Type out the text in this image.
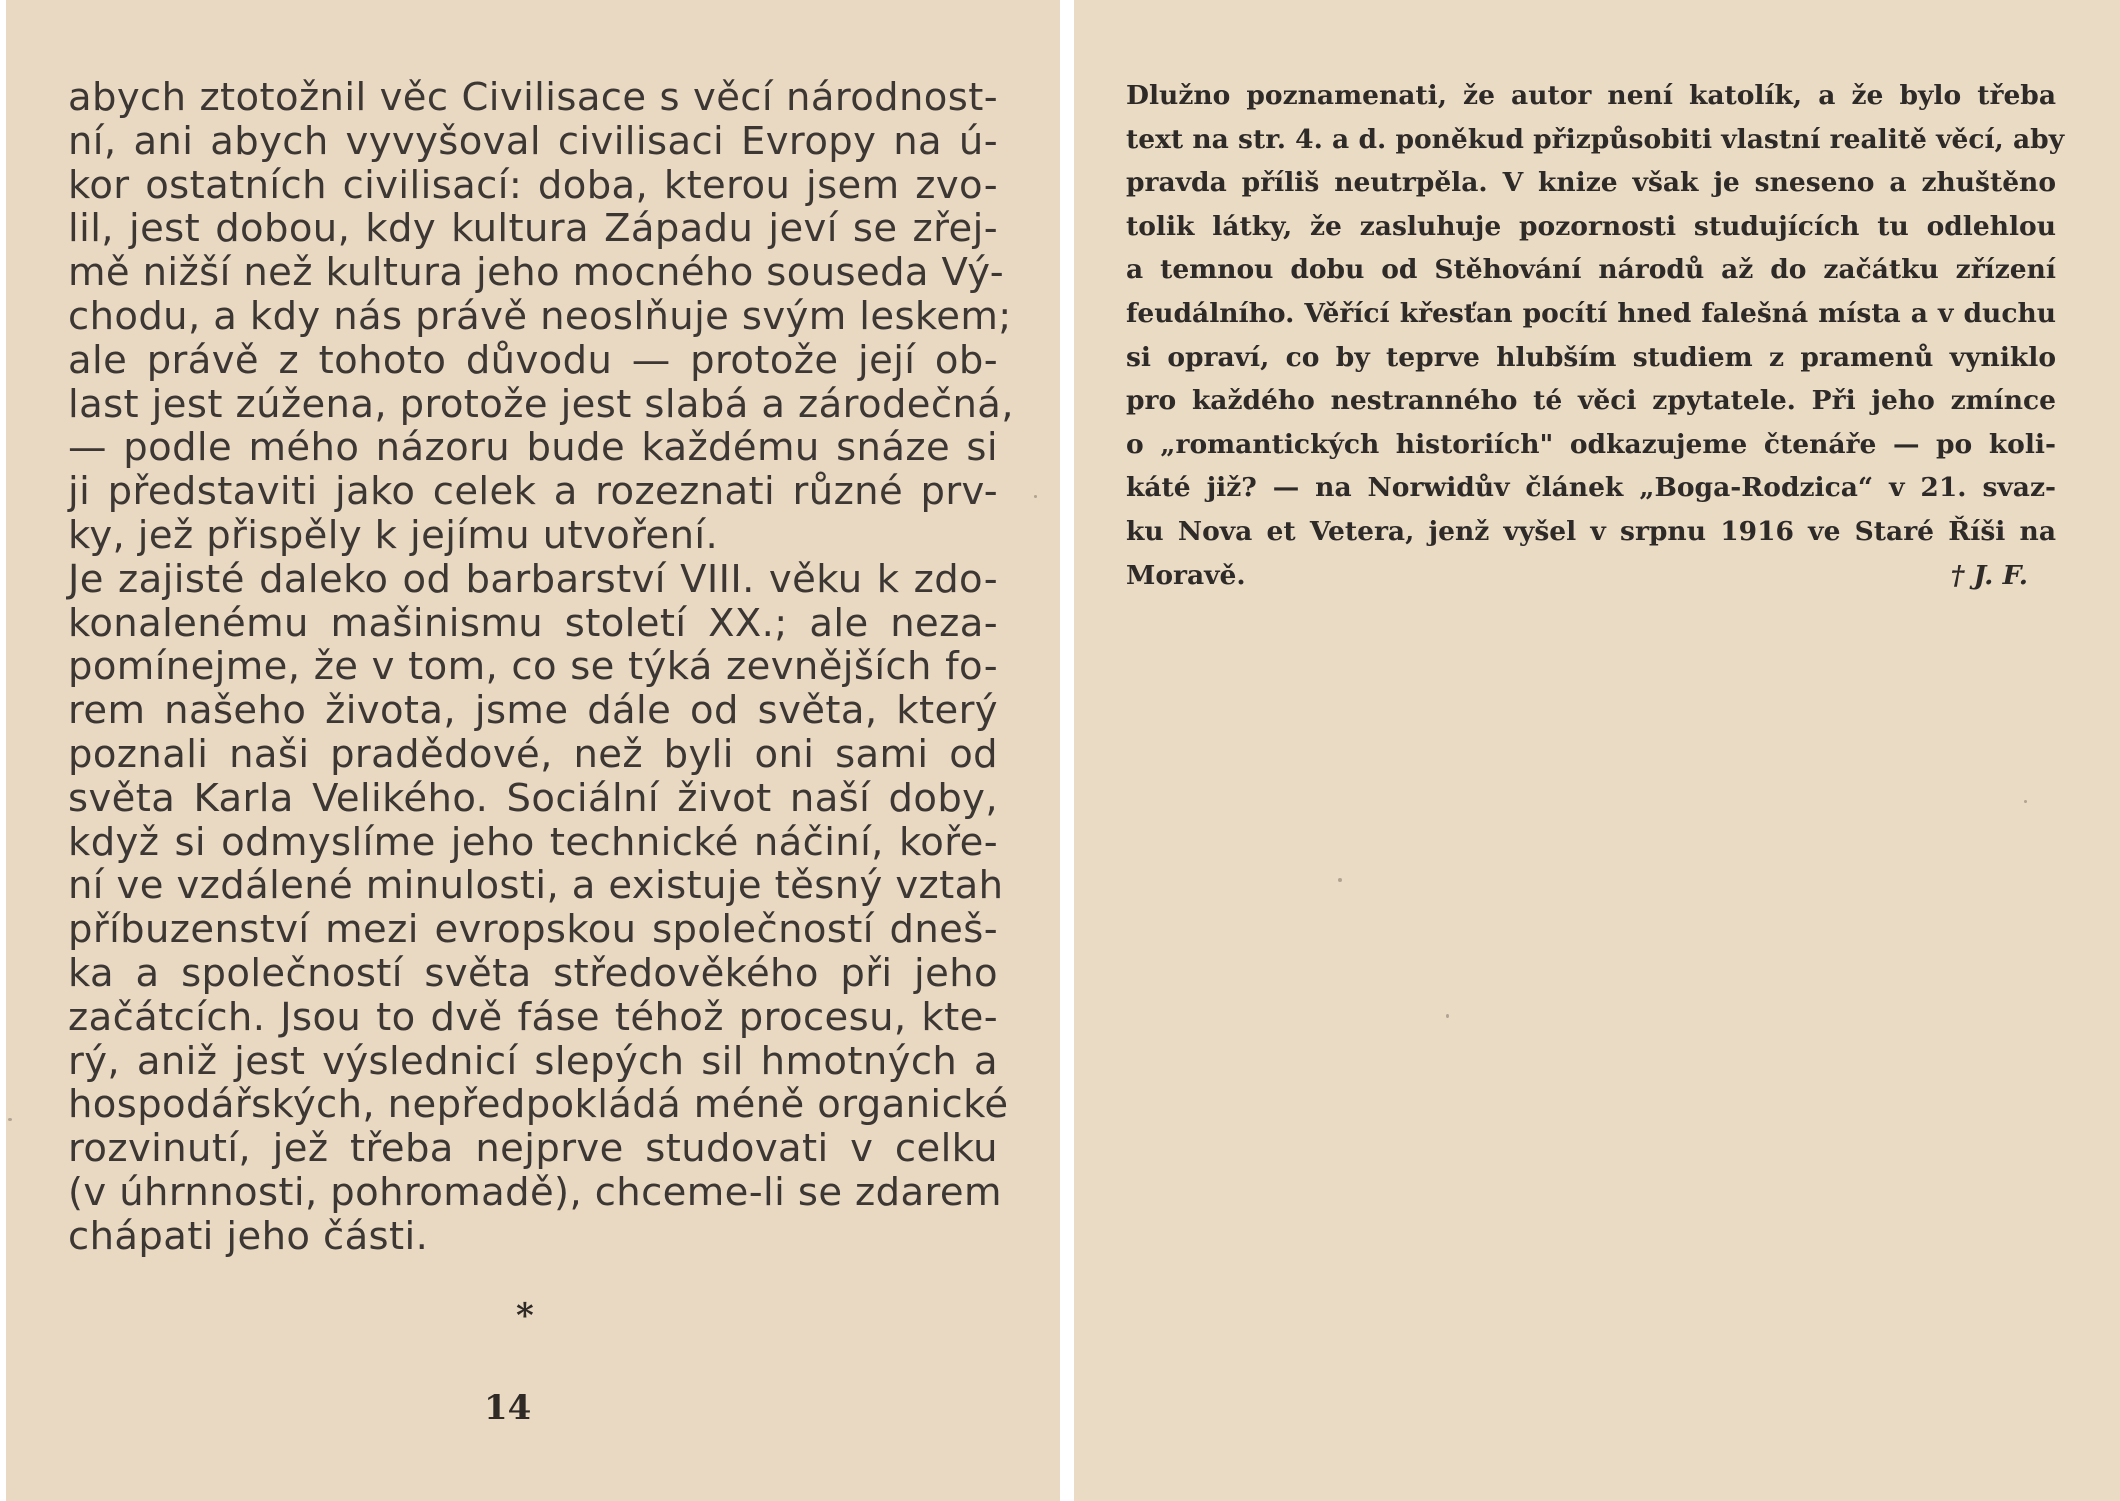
abych ztotožnil věc Civilisace s věcí národnost-
ní, ani abych vyvyšoval civilisaci Evropy na ú-
kor ostatních civilisací: doba, kterou jsem zvo-
lil, jest dobou, kdy kultura Západu jeví se zřej-
mě nižší než kultura jeho mocného souseda Vý-
chodu, a kdy nás právě neoslňuje svým leskem;
ale právě z tohoto důvodu — protože její ob-
last jest zúžena, protože jest slabá a zárodečná,
— podle mého názoru bude každému snáze si
ji představiti jako celek a rozeznati různé prv-
ky, jež přispěly k jejímu utvoření.
Je zajisté daleko od barbarství VIII. věku k zdo-
konalenému mašinismu století XX.; ale neza-
pomínejme, že v tom, co se týká zevnějších fo-
rem našeho života, jsme dále od světa, který
poznali naši pradědové, než byli oni sami od
světa Karla Velikého. Sociální život naší doby,
když si odmyslíme jeho technické náčiní, koře-
ní ve vzdálené minulosti, a existuje těsný vztah
příbuzenství mezi evropskou společností dneš-
ka a společností světa středověkého při jeho
začátcích. Jsou to dvě fáse téhož procesu, kte-
rý, aniž jest výslednicí slepých sil hmotných a
hospodářských, nepředpokládá méně organické
rozvinutí, jež třeba nejprve studovati v celku
(v úhrnnosti, pohromadě), chceme-li se zdarem
chápati jeho části.
*
14
Dlužno poznamenati, že autor není katolík, a že bylo třeba
text na str. 4. a d. poněkud přizpůsobiti vlastní realitě věcí, aby
pravda příliš neutrpěla. V knize však je sneseno a zhuštěno
tolik látky, že zasluhuje pozornosti studujících tu odlehlou
a temnou dobu od Stěhování národů až do začátku zřízení
feudálního. Věřící křesťan pocítí hned falešná místa a v duchu
si opraví, co by teprve hlubším studiem z pramenů vyniklo
pro každého nestranného té věci zpytatele. Při jeho zmínce
o „romantických historiích" odkazujeme čtenáře — po koli-
káté již? — na Norwidův článek „Boga-Rodzica“ v 21. svaz-
ku Nova et Vetera, jenž vyšel v srpnu 1916 ve Staré Říši na
Moravě.	† J. F.
